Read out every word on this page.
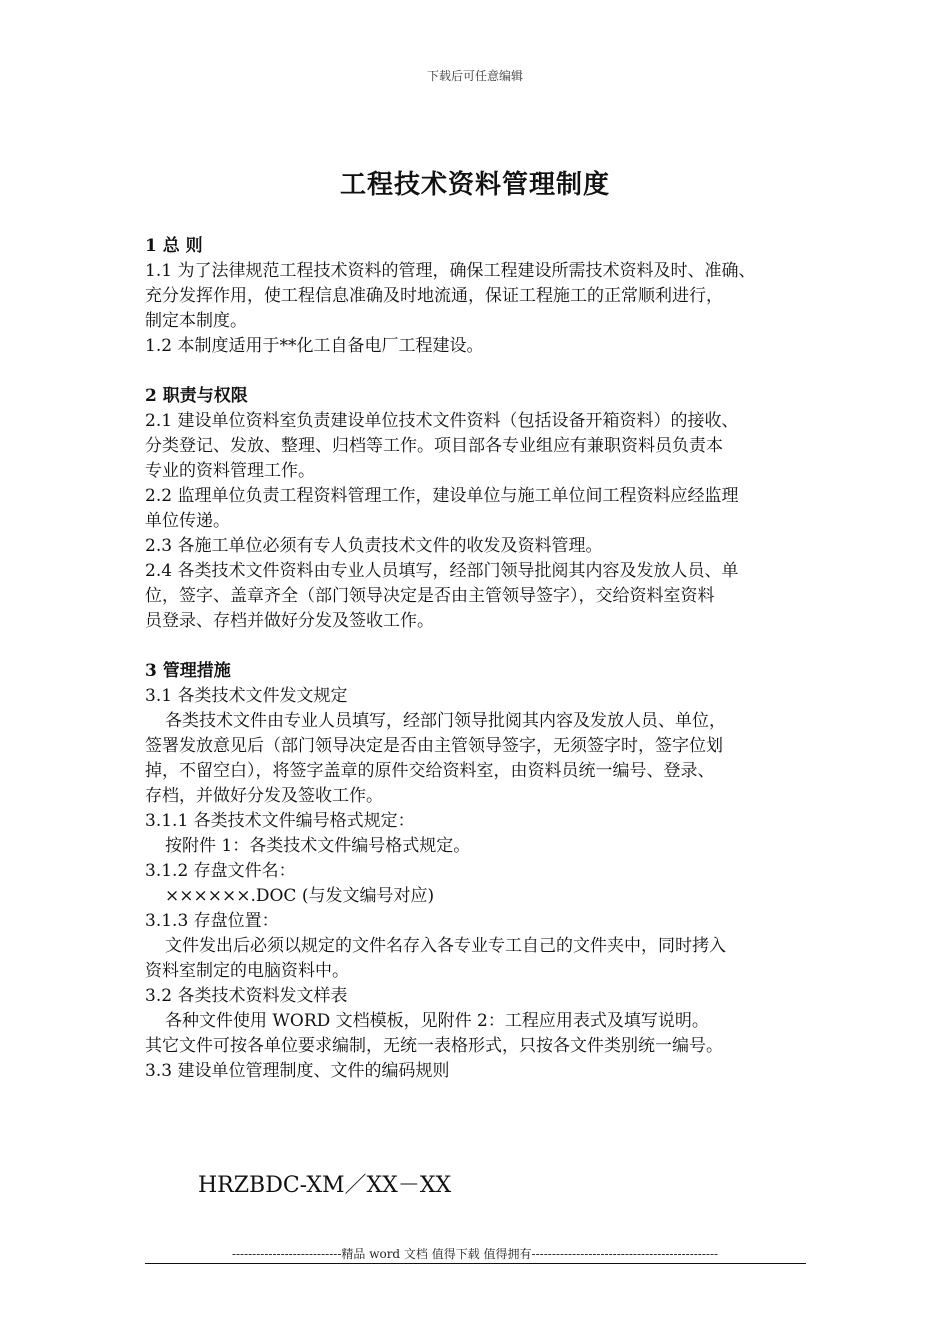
下载后可任意编辑
工程技术资料管理制度
1 总 则
1.1 为了法律规范工程技术资料的管理，确保工程建设所需技术资料及时、准确、
充分发挥作用，使工程信息准确及时地流通，保证工程施工的正常顺利进行，
制定本制度。
1.2 本制度适用于**化工自备电厂工程建设。
2 职责与权限
2.1 建设单位资料室负责建设单位技术文件资料（包括设备开箱资料）的接收、
分类登记、发放、整理、归档等工作。项目部各专业组应有兼职资料员负责本
专业的资料管理工作。
2.2 监理单位负责工程资料管理工作，建设单位与施工单位间工程资料应经监理
单位传递。
2.3 各施工单位必须有专人负责技术文件的收发及资料管理。
2.4 各类技术文件资料由专业人员填写，经部门领导批阅其内容及发放人员、单
位，签字、盖章齐全（部门领导决定是否由主管领导签字），交给资料室资料
员登录、存档并做好分发及签收工作。
3 管理措施
3.1 各类技术文件发文规定
各类技术文件由专业人员填写，经部门领导批阅其内容及发放人员、单位，
签署发放意见后（部门领导决定是否由主管领导签字，无须签字时，签字位划
掉，不留空白），将签字盖章的原件交给资料室，由资料员统一编号、登录、
存档，并做好分发及签收工作。
3.1.1 各类技术文件编号格式规定：
按附件 1：各类技术文件编号格式规定。
3.1.2 存盘文件名：
××××××.DOC (与发文编号对应)
3.1.3 存盘位置：
文件发出后必须以规定的文件名存入各专业专工自己的文件夹中，同时拷入
资料室制定的电脑资料中。
3.2 各类技术资料发文样表
各种文件使用 WORD 文档模板，见附件 2：工程应用表式及填写说明。
其它文件可按各单位要求编制，无统一表格形式，只按各文件类别统一编号。
3.3 建设单位管理制度、文件的编码规则
HRZBDC-XM／XX－XX
---------------------------精品 word 文档 值得下载 值得拥有----------------------------------------------
